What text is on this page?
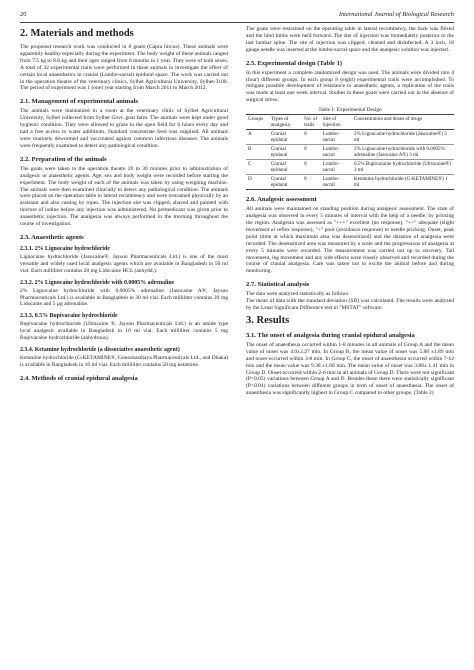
20	International Journal of Biological Research
2. Materials and methods

The proposed research work was conducted in 8 goats (Capra hircus). These animals were apparently healthy especially during the experiment. The body weight of these animals ranged from 7.5 kg to 8.6 kg and their ages ranged from 8 months to 1 year. They were of both sexes. A total of 32 experimental trails were performed in these animals to investigate the effect of certain local anaesthetics in cranial (Lumbo-sacral) epidural space. The work was carried out in the operation theatre of the veterinary clinics, Sylhet Agricultural University, Sylhet-3100. The period of experiment was 1 (one) year starting from March 2011 to March 2012.

2.1. Management of experimental animals

The animals were maintained in a room at the veterinary clinic of Sylhet Agricultural University, Sylhet collected from Sylhet Govt. goat farm. The animals were kept under good hygienic condition. They were allowed to graze in the open field for 6 hours every day and had a free access to water adlibitum. Standard concentrate feed was supplied. All animals were routinely dewormed and vaccinated against common infectious diseases. The animals were frequently examined to detect any pathological condition.

2.2. Preparation of the animals

The goats were taken to the operation theatre 20 to 30 minutes prior to administration of analgesic or anaesthetic agents. Age, sex and body weight were recorded before starting the experiment. The body weight of each of the animals was taken by using weighing machine. The animals were then examined clinically to detect any pathological condition. The animals were placed on the operation table in lateral recumbency and were restrained physically by an assistant and also casting by ropes. The injection site was clipped, shaved and painted with tincture of iodine before any injection was administered. No premedicant was given prior to anaesthetic injection. The analgesia was always performed in the morning throughout the course of investigation.

2.3. Anaesthetic agents
2.3.1. 2% Lignocaine hydrochloride

Lignocaine hydrochloride (Jasocaine®, Jayson Pharmaceuticals Ltd.) is one of the most versatile and widely used local analgesic agents which are available in Bangladesh in 50 ml vial. Each milliliter contains 20 mg Lidocaine HCL (anhydd.).

2.3.2. 2% Lignocaine hydrochloride with 0.0005% adrenaline

2% Lignocaine hydrochloride with 0.0005% adrenaline (Jasocaine A®, Jayson Pharmaceuticals Ltd.) is available in Bangladesh in 30 ml vial. Each milliliter contains 20 mg Lidocaine and 5 µg adrenaline.

2.3.3. 0.5% Bupivacaine hydrochloride

Bupivacaine hydrochloride (Ultracaine ®, Jayson Pharmaceuticals Ltd.) is an amide type local analgesic available in Bangladesh in 10 ml vial. Each milliliter contains 5 mg Bupivacaine hydrochloride (anhydrous).

2.3.4. Ketamine hydrochloride (a dissociative anaesthetic agent)

Ketamine hydrochloride (G-KETAMINE®, Gonoshasthaya Pharmaceuticals Ltd., and Dhaka) is available in Bangladesh in 10 ml vial. Each milliliter contains 50 mg ketamine.

2.4. Methods of cranial epidural analgesia

The goats were restrained on the operating table in lateral recumbency, the back was flexed and the hind limbs were held forward. The site of injection was immediately posterior to the last lumbar spine. The site of injection was clipped, cleaned and disinfected. A 3 inch, 18 gauge needle was inserted at the lumbo-sacral space and the analgesic solution was injected.

2.5. Experimental design (Table 1)

In this experiment a complete randomized design was used. The animals were divided into 4 (four) different groups. In each group 8 (eight) experimental trails were accomplished. To mitigate possible development of resistance to anaesthetic agents, a replication of the trails was made at least one week interval. Studies in these goats were carried out in the absence of surgical stress.

Table 1: Experimental Design
Groups	Types of analgesia	No. of trails	Site of injection	Concentration and doses of drugs
A	Cranial epidural	8	Lumbo-sacral	2% Lignocaine hydrochloride (Jasocaine®) 3 ml
B	Cranial epidural	8	Lumbo-sacral	2% Lignocaine hydrochloride with 0.0005% adrenaline (Jasocaine A®) 3 ml
C	Cranial epidural	8	Lumbo-sacral	0.5% Bupivacaine hydrochloride (Ultracaine®) 3 ml
D	Cranial epidural	8	Lumbo-sacral	Ketamine hydrochloride (G-KETAMINE®) 1 ml
2.6. Analgesic assessment

All animals were maintained on standing position during analgesic assessment. The state of analgesia was observed in every 5 minutes of interval with the help of a needle, by pricking the region. Analgesia was assessed as "+++" excellent (no response), "++" adequate (slight movement or reflex response), "+" poor (avoidance response) to needle pricking. Onset, peak point (time at which maximum area was desensitized) and the duration of analgesia were recorded. The desensitized area was measured by a scale and the progressions of analgesia at every 5 minutes were recorded. The measurement was carried out up to recovery. Tail movement, leg movement and any side effects were closely observed and recorded during the course of cranial analgesia. Care was taken not to excite the animal before and during monitoring.

2.7. Statistical analysis

The data were analyzed statistically as follows
The mean of data with the standard deviation (SD) was calculated. The results were analyzed by the Least Significant Difference test in "MSTAT" software.

3. Results
3.1. The onset of analgesia during cranial epidural analgesia

The onset of anaesthesia occurred within 1-8 minutes in all animals of Group A and the mean value of onset was 4.0±2.27 min. In Group B, the mean value of onset was 5.88 ±1.89 min and onset occurred within 3-8 min. In Group C, the onset of anaesthesia occurred within 7-12 min and the mean value was 9.38 ±1.68 min. The mean value of onset was 3.88± 1.41 min in Group D. Onset occurred within 2-6 min in all animals of Group D. There were not significant (P>0.05) variations between Group A and D. Besides these there were statistically significant (P<0.01) variations between different groups in term of onset of anaesthesia. The onset of anaesthesia was significantly highest in Group C compared to other groups. (Table 2)
